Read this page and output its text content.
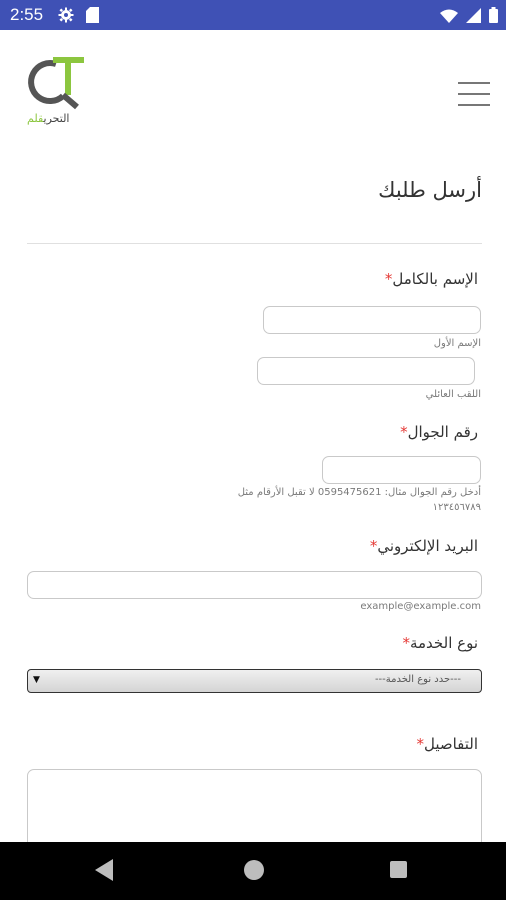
2:55
التحريقلم
أرسل طلبك
الإسم بالكامل*
الإسم الأول
اللقب العائلي
رقم الجوال*
أدخل رقم الجوال مثال: 0595475621 لا تقبل الأرقام مثل
١٢٣٤٥٦٧٨٩
البريد الإلكتروني*
example@example.com
نوع الخدمة*
▼	---حدد نوع الخدمة---
التفاصيل*
